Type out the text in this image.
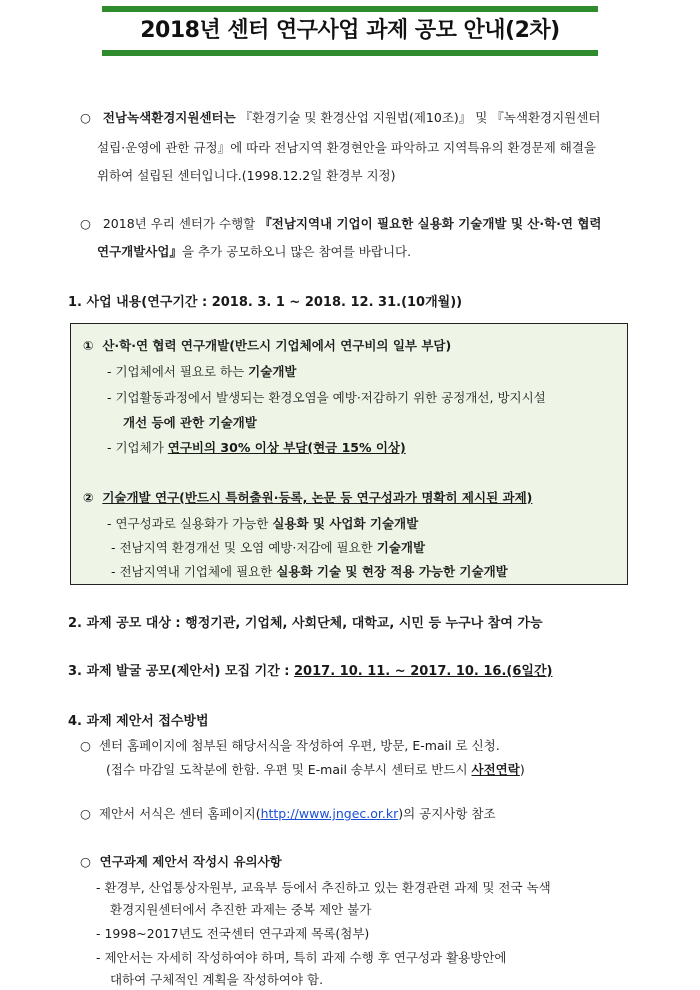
2018년 센터 연구사업 과제 공모 안내(2차)
○ 전남녹색환경지원센터는 『환경기술 및 환경산업 지원법(제10조)』 및 『녹색환경지원센터
설립·운영에 관한 규정』에 따라 전남지역 환경현안을 파악하고 지역특유의 환경문제 해결을
위하여 설립된 센터입니다.(1998.12.2일 환경부 지정)
○ 2018년 우리 센터가 수행할 『전남지역내 기업이 필요한 실용화 기술개발 및 산·학·연 협력
연구개발사업』을 추가 공모하오니 많은 참여를 바랍니다.
1. 사업 내용(연구기간 : 2018. 3. 1 ~ 2018. 12. 31.(10개월))
① 산·학·연 협력 연구개발(반드시 기업체에서 연구비의 일부 부담)
- 기업체에서 필요로 하는 기술개발
- 기업활동과정에서 발생되는 환경오염을 예방·저감하기 위한 공정개선, 방지시설
개선 등에 관한 기술개발
- 기업체가 연구비의 30% 이상 부담(현금 15% 이상)
② 기술개발 연구(반드시 특허출원·등록, 논문 등 연구성과가 명확히 제시된 과제)
- 연구성과로 실용화가 가능한 실용화 및 사업화 기술개발
- 전남지역 환경개선 및 오염 예방·저감에 필요한 기술개발
- 전남지역내 기업체에 필요한 실용화 기술 및 현장 적용 가능한 기술개발
2. 과제 공모 대상 : 행정기관, 기업체, 사회단체, 대학교, 시민 등 누구나 참여 가능
3. 과제 발굴 공모(제안서) 모집 기간 : 2017. 10. 11. ~ 2017. 10. 16.(6일간)
4. 과제 제안서 접수방법
○ 센터 홈페이지에 첨부된 해당서식을 작성하여 우편, 방문, E-mail 로 신청.
(접수 마감일 도착분에 한함. 우편 및 E-mail 송부시 센터로 반드시 사전연락)
○ 제안서 서식은 센터 홈페이지(http://www.jngec.or.kr)의 공지사항 참조
○ 연구과제 제안서 작성시 유의사항
- 환경부, 산업통상자원부, 교육부 등에서 추진하고 있는 환경관련 과제 및 전국 녹색
환경지원센터에서 추진한 과제는 중복 제안 불가
- 1998~2017년도 전국센터 연구과제 목록(첨부)
- 제안서는 자세히 작성하여야 하며, 특히 과제 수행 후 연구성과 활용방안에
대하여 구체적인 계획을 작성하여야 함.
